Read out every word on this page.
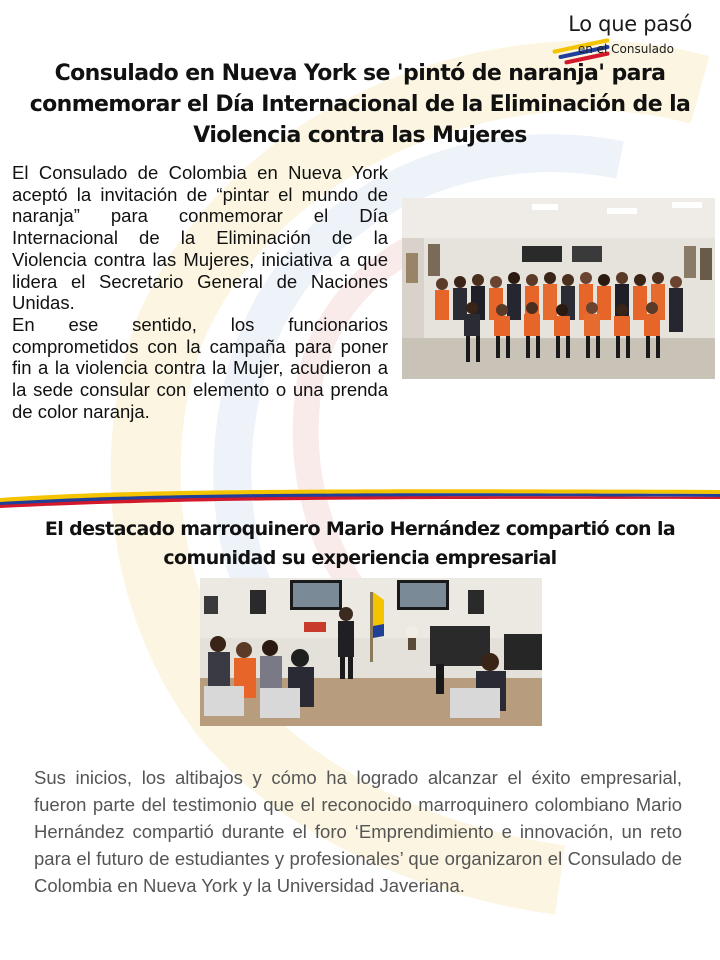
Lo que pasó
en el Consulado
Consulado en Nueva York se 'pintó de naranja' para conmemorar el Día Internacional de la Eliminación de la Violencia contra las Mujeres

El Consulado de Colombia en Nueva York aceptó la invitación de “pintar el mundo de naranja” para conmemorar el Día Internacional de la Eliminación de la Violencia contra las Mujeres, iniciativa a que lidera el Secretario General de Naciones Unidas.

En ese sentido, los funcionarios comprometidos con la campaña para poner fin a la violencia contra la Mujer, acudieron a la sede consular con elemento o una prenda de color naranja.

El destacado marroquinero Mario Hernández compartió con la comunidad su experiencia empresarial

Sus inicios, los altibajos y cómo ha logrado alcanzar el éxito empresarial, fueron parte del testimonio que el reconocido marroquinero colombiano Mario Hernández compartió durante el foro ‘Emprendimiento e innovación, un reto para el futuro de estudiantes y profesionales’ que organizaron el Consulado de Colombia en Nueva York y la Universidad Javeriana.
